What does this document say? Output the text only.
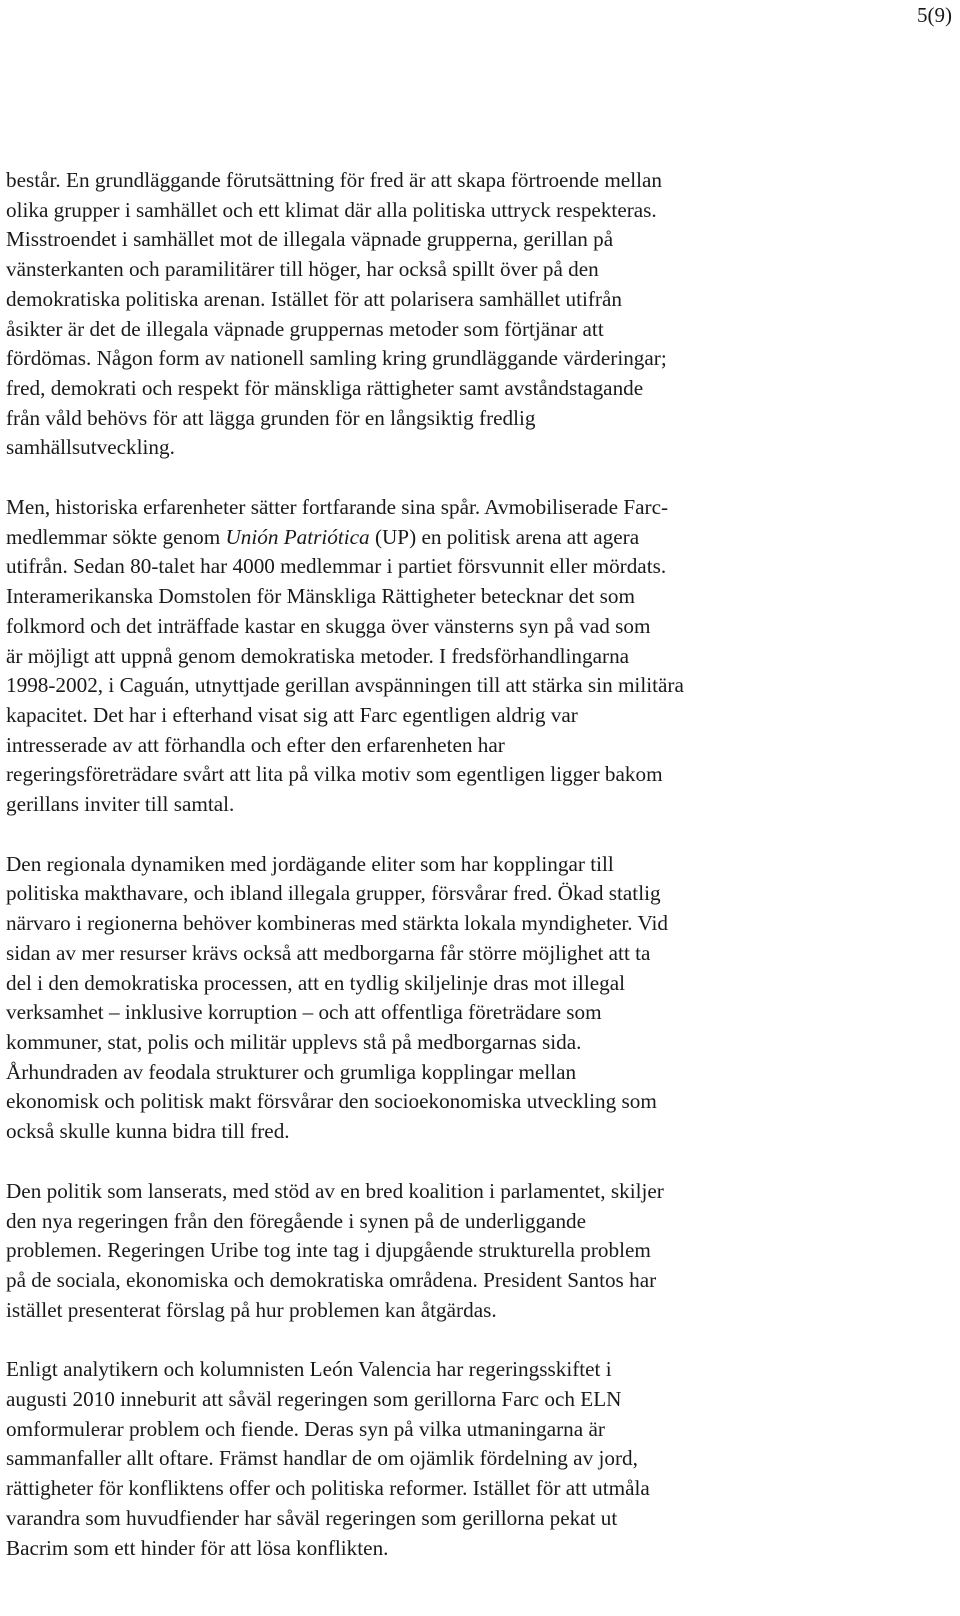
5(9)

består. En grundläggande förutsättning för fred är att skapa förtroende mellan
olika grupper i samhället och ett klimat där alla politiska uttryck respekteras.
Misstroendet i samhället mot de illegala väpnade grupperna, gerillan på
vänsterkanten och paramilitärer till höger, har också spillt över på den
demokratiska politiska arenan. Istället för att polarisera samhället utifrån
åsikter är det de illegala väpnade gruppernas metoder som förtjänar att
fördömas. Någon form av nationell samling kring grundläggande värderingar;
fred, demokrati och respekt för mänskliga rättigheter samt avståndstagande
från våld behövs för att lägga grunden för en långsiktig fredlig
samhällsutveckling.

Men, historiska erfarenheter sätter fortfarande sina spår. Avmobiliserade Farc-
medlemmar sökte genom Unión Patriótica (UP) en politisk arena att agera
utifrån. Sedan 80-talet har 4000 medlemmar i partiet försvunnit eller mördats.
Interamerikanska Domstolen för Mänskliga Rättigheter betecknar det som
folkmord och det inträffade kastar en skugga över vänsterns syn på vad som
är möjligt att uppnå genom demokratiska metoder. I fredsförhandlingarna
1998-2002, i Caguán, utnyttjade gerillan avspänningen till att stärka sin militära
kapacitet. Det har i efterhand visat sig att Farc egentligen aldrig var
intresserade av att förhandla och efter den erfarenheten har
regeringsföreträdare svårt att lita på vilka motiv som egentligen ligger bakom
gerillans inviter till samtal.

Den regionala dynamiken med jordägande eliter som har kopplingar till
politiska makthavare, och ibland illegala grupper, försvårar fred. Ökad statlig
närvaro i regionerna behöver kombineras med stärkta lokala myndigheter. Vid
sidan av mer resurser krävs också att medborgarna får större möjlighet att ta
del i den demokratiska processen, att en tydlig skiljelinje dras mot illegal
verksamhet – inklusive korruption – och att offentliga företrädare som
kommuner, stat, polis och militär upplevs stå på medborgarnas sida.
Århundraden av feodala strukturer och grumliga kopplingar mellan
ekonomisk och politisk makt försvårar den socioekonomiska utveckling som
också skulle kunna bidra till fred.

Den politik som lanserats, med stöd av en bred koalition i parlamentet, skiljer
den nya regeringen från den föregående i synen på de underliggande
problemen. Regeringen Uribe tog inte tag i djupgående strukturella problem
på de sociala, ekonomiska och demokratiska områdena. President Santos har
istället presenterat förslag på hur problemen kan åtgärdas.

Enligt analytikern och kolumnisten León Valencia har regeringsskiftet i
augusti 2010 inneburit att såväl regeringen som gerillorna Farc och ELN
omformulerar problem och fiende. Deras syn på vilka utmaningarna är
sammanfaller allt oftare. Främst handlar de om ojämlik fördelning av jord,
rättigheter för konfliktens offer och politiska reformer. Istället för att utmåla
varandra som huvudfiender har såväl regeringen som gerillorna pekat ut
Bacrim som ett hinder för att lösa konflikten.
